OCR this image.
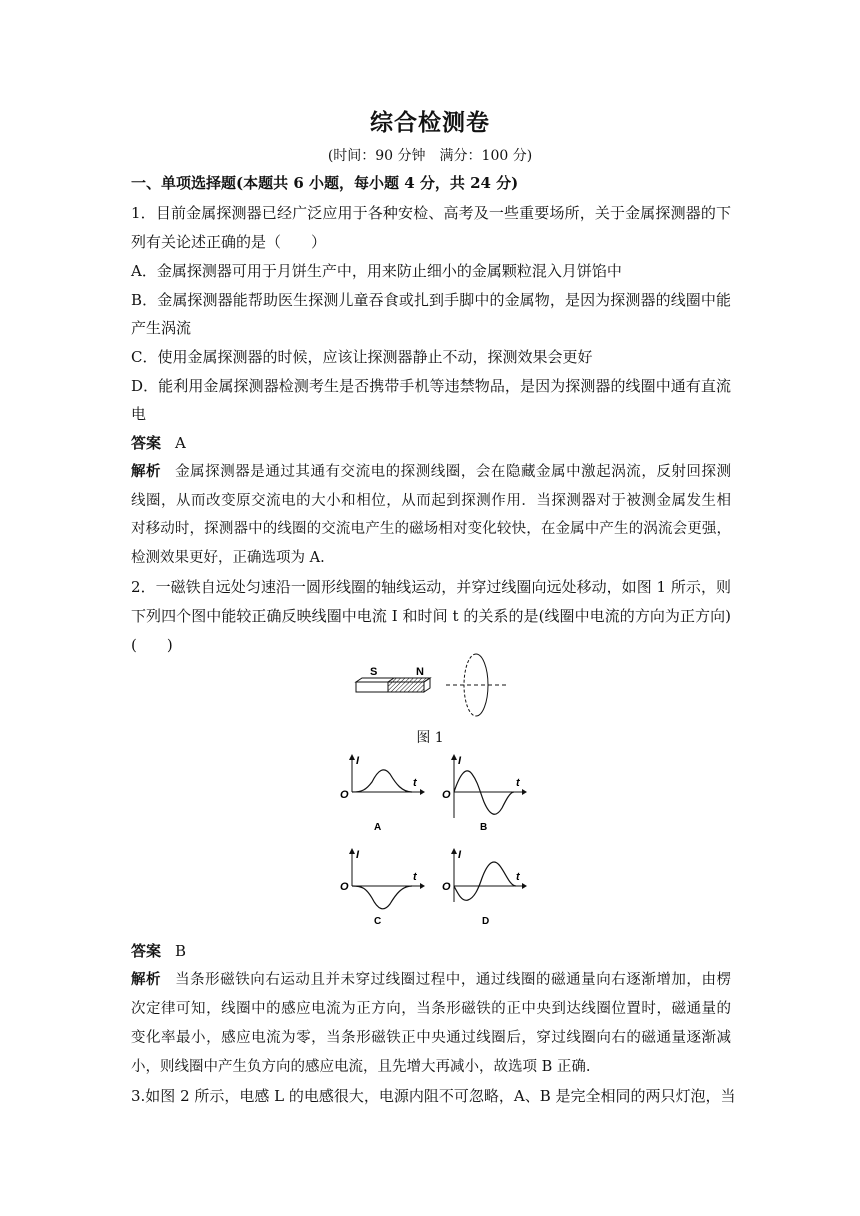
综合检测卷
(时间：90 分钟　满分：100 分)
一、单项选择题(本题共 6 小题，每小题 4 分，共 24 分)
1．目前金属探测器已经广泛应用于各种安检、高考及一些重要场所，关于金属探测器的下
列有关论述正确的是（　　）
A．金属探测器可用于月饼生产中，用来防止细小的金属颗粒混入月饼馅中
B．金属探测器能帮助医生探测儿童吞食或扎到手脚中的金属物，是因为探测器的线圈中能
产生涡流
C．使用金属探测器的时候，应该让探测器静止不动，探测效果会更好
D．能利用金属探测器检测考生是否携带手机等违禁物品，是因为探测器的线圈中通有直流
电
答案 A
解析 金属探测器是通过其通有交流电的探测线圈，会在隐藏金属中激起涡流，反射回探测
线圈，从而改变原交流电的大小和相位，从而起到探测作用．当探测器对于被测金属发生相
对移动时，探测器中的线圈的交流电产生的磁场相对变化较快，在金属中产生的涡流会更强，
检测效果更好，正确选项为 A.
2．一磁铁自远处匀速沿一圆形线圈的轴线运动，并穿过线圈向远处移动，如图 1 所示，则
下列四个图中能较正确反映线圈中电流 I 和时间 t 的关系的是(线圈中电流的方向为正方向)
(　　)
S	N
图 1
O
I
t
A
O
I
t
B
O
I
t
C
O
I
t
D
答案 B
解析 当条形磁铁向右运动且并未穿过线圈过程中，通过线圈的磁通量向右逐渐增加，由楞
次定律可知，线圈中的感应电流为正方向，当条形磁铁的正中央到达线圈位置时，磁通量的
变化率最小，感应电流为零，当条形磁铁正中央通过线圈后，穿过线圈向右的磁通量逐渐减
小，则线圈中产生负方向的感应电流，且先增大再减小，故选项 B 正确.
3.如图 2 所示，电感 L 的电感很大，电源内阻不可忽略，A、B 是完全相同的两只灯泡，当
